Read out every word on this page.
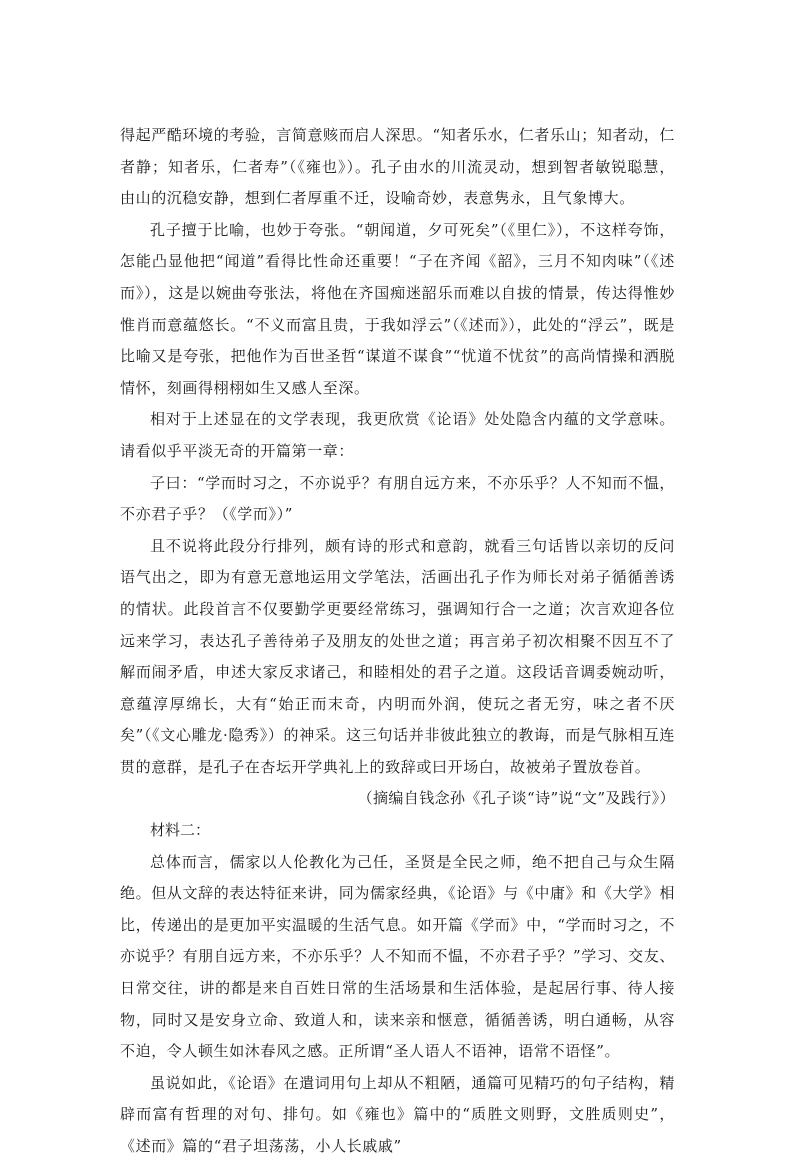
得起严酷环境的考验，言简意赅而启人深思。“知者乐水，仁者乐山；知者动，仁者静；知者乐，仁者寿”（《雍也》）。孔子由水的川流灵动，想到智者敏锐聪慧，由山的沉稳安静，想到仁者厚重不迁，设喻奇妙，表意隽永，且气象博大。

孔子擅于比喻，也妙于夸张。“朝闻道，夕可死矣”（《里仁》），不这样夸饰，怎能凸显他把“闻道”看得比性命还重要！“子在齐闻《韶》，三月不知肉味”（《述而》），这是以婉曲夸张法，将他在齐国痴迷韶乐而难以自拔的情景，传达得惟妙惟肖而意蕴悠长。“不义而富且贵，于我如浮云”（《述而》），此处的“浮云”，既是比喻又是夸张，把他作为百世圣哲“谋道不谋食”“忧道不忧贫”的高尚情操和洒脱情怀，刻画得栩栩如生又感人至深。

相对于上述显在的文学表现，我更欣赏《论语》处处隐含内蕴的文学意味。请看似乎平淡无奇的开篇第一章：

子曰：“学而时习之，不亦说乎？有朋自远方来，不亦乐乎？人不知而不愠，不亦君子乎？（《学而》）”

且不说将此段分行排列，颇有诗的形式和意韵，就看三句话皆以亲切的反问语气出之，即为有意无意地运用文学笔法，活画出孔子作为师长对弟子循循善诱的情状。此段首言不仅要勤学更要经常练习，强调知行合一之道；次言欢迎各位远来学习，表达孔子善待弟子及朋友的处世之道；再言弟子初次相聚不因互不了解而闹矛盾，申述大家反求诸己，和睦相处的君子之道。这段话音调委婉动听，意蕴淳厚绵长，大有“始正而末奇，内明而外润，使玩之者无穷，味之者不厌矣”（《文心雕龙·隐秀》）的神采。这三句话并非彼此独立的教诲，而是气脉相互连贯的意群，是孔子在杏坛开学典礼上的致辞或曰开场白，故被弟子置放卷首。

（摘编自钱念孙《孔子谈“诗”说“文”及践行》）

材料二：

总体而言，儒家以人伦教化为己任，圣贤是全民之师，绝不把自己与众生隔绝。但从文辞的表达特征来讲，同为儒家经典，《论语》与《中庸》和《大学》相比，传递出的是更加平实温暖的生活气息。如开篇《学而》中，“学而时习之，不亦说乎？有朋自远方来，不亦乐乎？人不知而不愠，不亦君子乎？”学习、交友、日常交往，讲的都是来自百姓日常的生活场景和生活体验，是起居行事、待人接物，同时又是安身立命、致道人和，读来亲和惬意，循循善诱，明白通畅，从容不迫，令人顿生如沐春风之感。正所谓“圣人语人不语神，语常不语怪”。

虽说如此，《论语》在遣词用句上却从不粗陋，通篇可见精巧的句子结构，精辟而富有哲理的对句、排句。如《雍也》篇中的“质胜文则野，文胜质则史”，《述而》篇的“君子坦荡荡，小人长戚戚”
